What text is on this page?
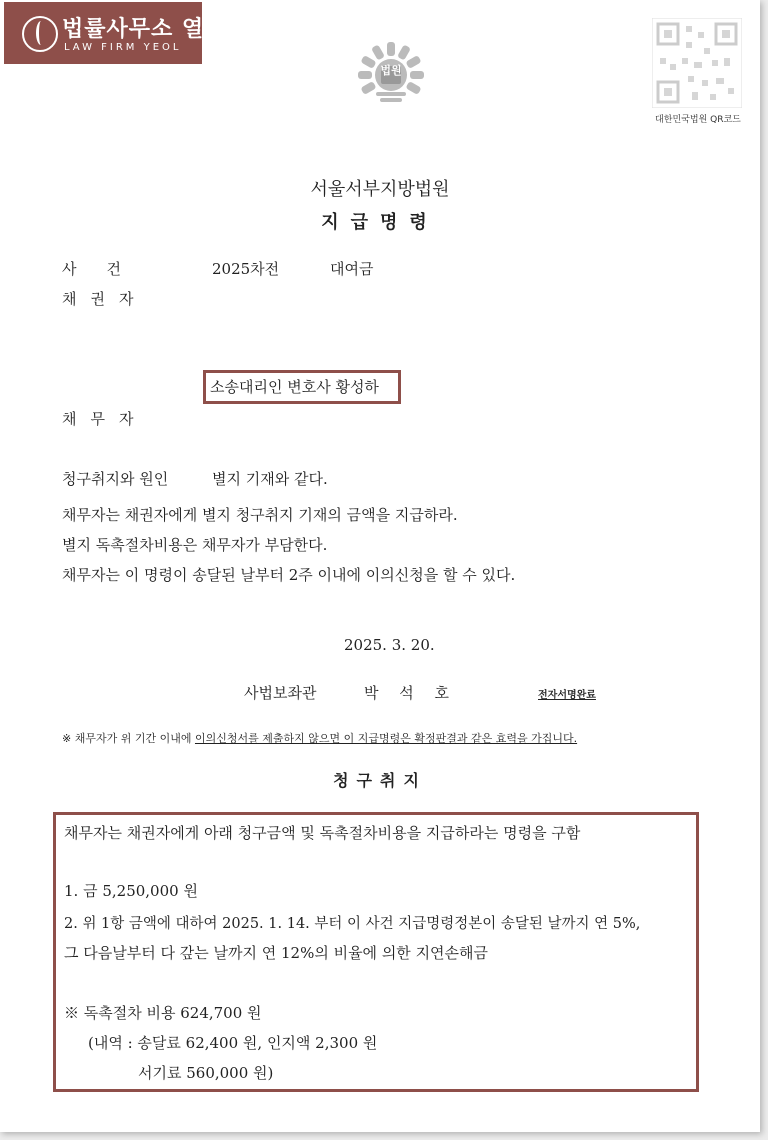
법률사무소 열
LAW FIRM YEOL
법원
대한민국법원 QR코드
서울서부지방법원
지급명령
사건	2025차전	대여금
채권자
소송대리인 변호사 황성하
채무자
청구취지와 원인	별지 기재와 같다.
채무자는 채권자에게 별지 청구취지 기재의 금액을 지급하라.
별지 독촉절차비용은 채무자가 부담한다.
채무자는 이 명령이 송달된 날부터 2주 이내에 이의신청을 할 수 있다.
2025. 3. 20.
사법보좌관	박 석 호	전자서명완료
※ 채무자가 위 기간 이내에 이의신청서를 제출하지 않으면 이 지급명령은 확정판결과 같은 효력을 가집니다.
청구취지
채무자는 채권자에게 아래 청구금액 및 독촉절차비용을 지급하라는 명령을 구함
1. 금 5,250,000 원
2. 위 1항 금액에 대하여 2025. 1. 14. 부터 이 사건 지급명령정본이 송달된 날까지 연 5%,
그 다음날부터 다 갚는 날까지 연 12%의 비율에 의한 지연손해금
※ 독촉절차 비용 624,700 원
(내역 : 송달료 62,400 원, 인지액 2,300 원
서기료 560,000 원)
